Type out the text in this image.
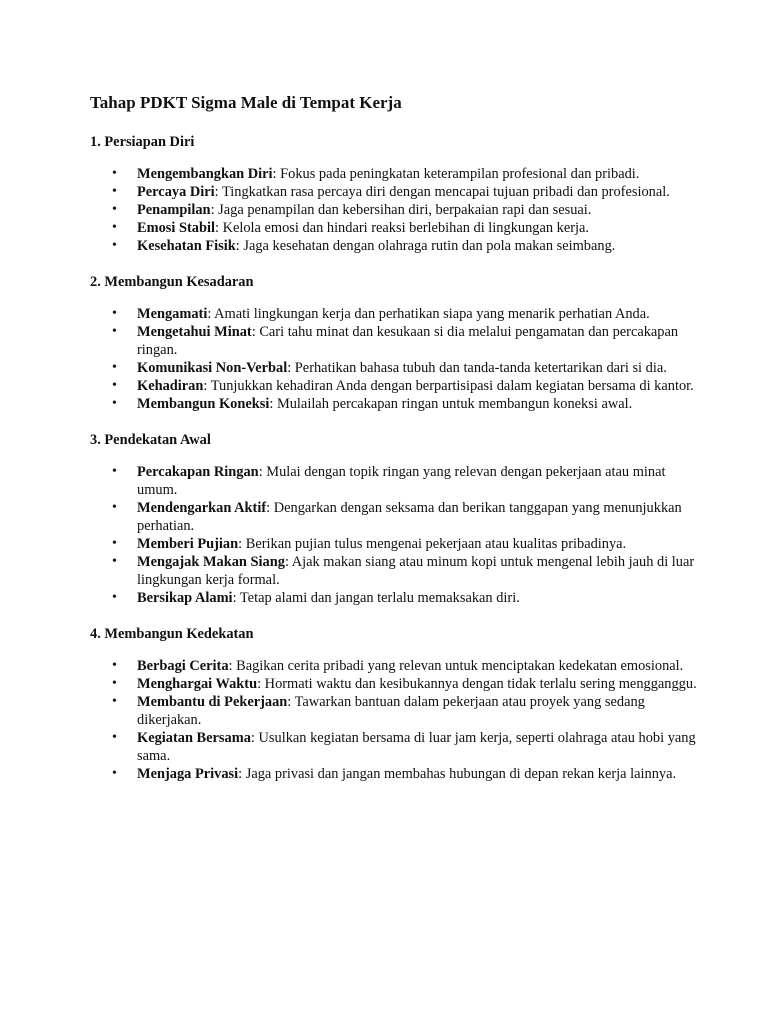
Tahap PDKT Sigma Male di Tempat Kerja
1. Persiapan Diri
• Mengembangkan Diri: Fokus pada peningkatan keterampilan profesional dan pribadi.
• Percaya Diri: Tingkatkan rasa percaya diri dengan mencapai tujuan pribadi dan profesional.
• Penampilan: Jaga penampilan dan kebersihan diri, berpakaian rapi dan sesuai.
• Emosi Stabil: Kelola emosi dan hindari reaksi berlebihan di lingkungan kerja.
• Kesehatan Fisik: Jaga kesehatan dengan olahraga rutin dan pola makan seimbang.
2. Membangun Kesadaran
• Mengamati: Amati lingkungan kerja dan perhatikan siapa yang menarik perhatian Anda.
• Mengetahui Minat: Cari tahu minat dan kesukaan si dia melalui pengamatan dan percakapan ringan.
• Komunikasi Non-Verbal: Perhatikan bahasa tubuh dan tanda-tanda ketertarikan dari si dia.
• Kehadiran: Tunjukkan kehadiran Anda dengan berpartisipasi dalam kegiatan bersama di kantor.
• Membangun Koneksi: Mulailah percakapan ringan untuk membangun koneksi awal.
3. Pendekatan Awal
• Percakapan Ringan: Mulai dengan topik ringan yang relevan dengan pekerjaan atau minat umum.
• Mendengarkan Aktif: Dengarkan dengan seksama dan berikan tanggapan yang menunjukkan perhatian.
• Memberi Pujian: Berikan pujian tulus mengenai pekerjaan atau kualitas pribadinya.
• Mengajak Makan Siang: Ajak makan siang atau minum kopi untuk mengenal lebih jauh di luar lingkungan kerja formal.
• Bersikap Alami: Tetap alami dan jangan terlalu memaksakan diri.
4. Membangun Kedekatan
• Berbagi Cerita: Bagikan cerita pribadi yang relevan untuk menciptakan kedekatan emosional.
• Menghargai Waktu: Hormati waktu dan kesibukannya dengan tidak terlalu sering mengganggu.
• Membantu di Pekerjaan: Tawarkan bantuan dalam pekerjaan atau proyek yang sedang dikerjakan.
• Kegiatan Bersama: Usulkan kegiatan bersama di luar jam kerja, seperti olahraga atau hobi yang sama.
• Menjaga Privasi: Jaga privasi dan jangan membahas hubungan di depan rekan kerja lainnya.
